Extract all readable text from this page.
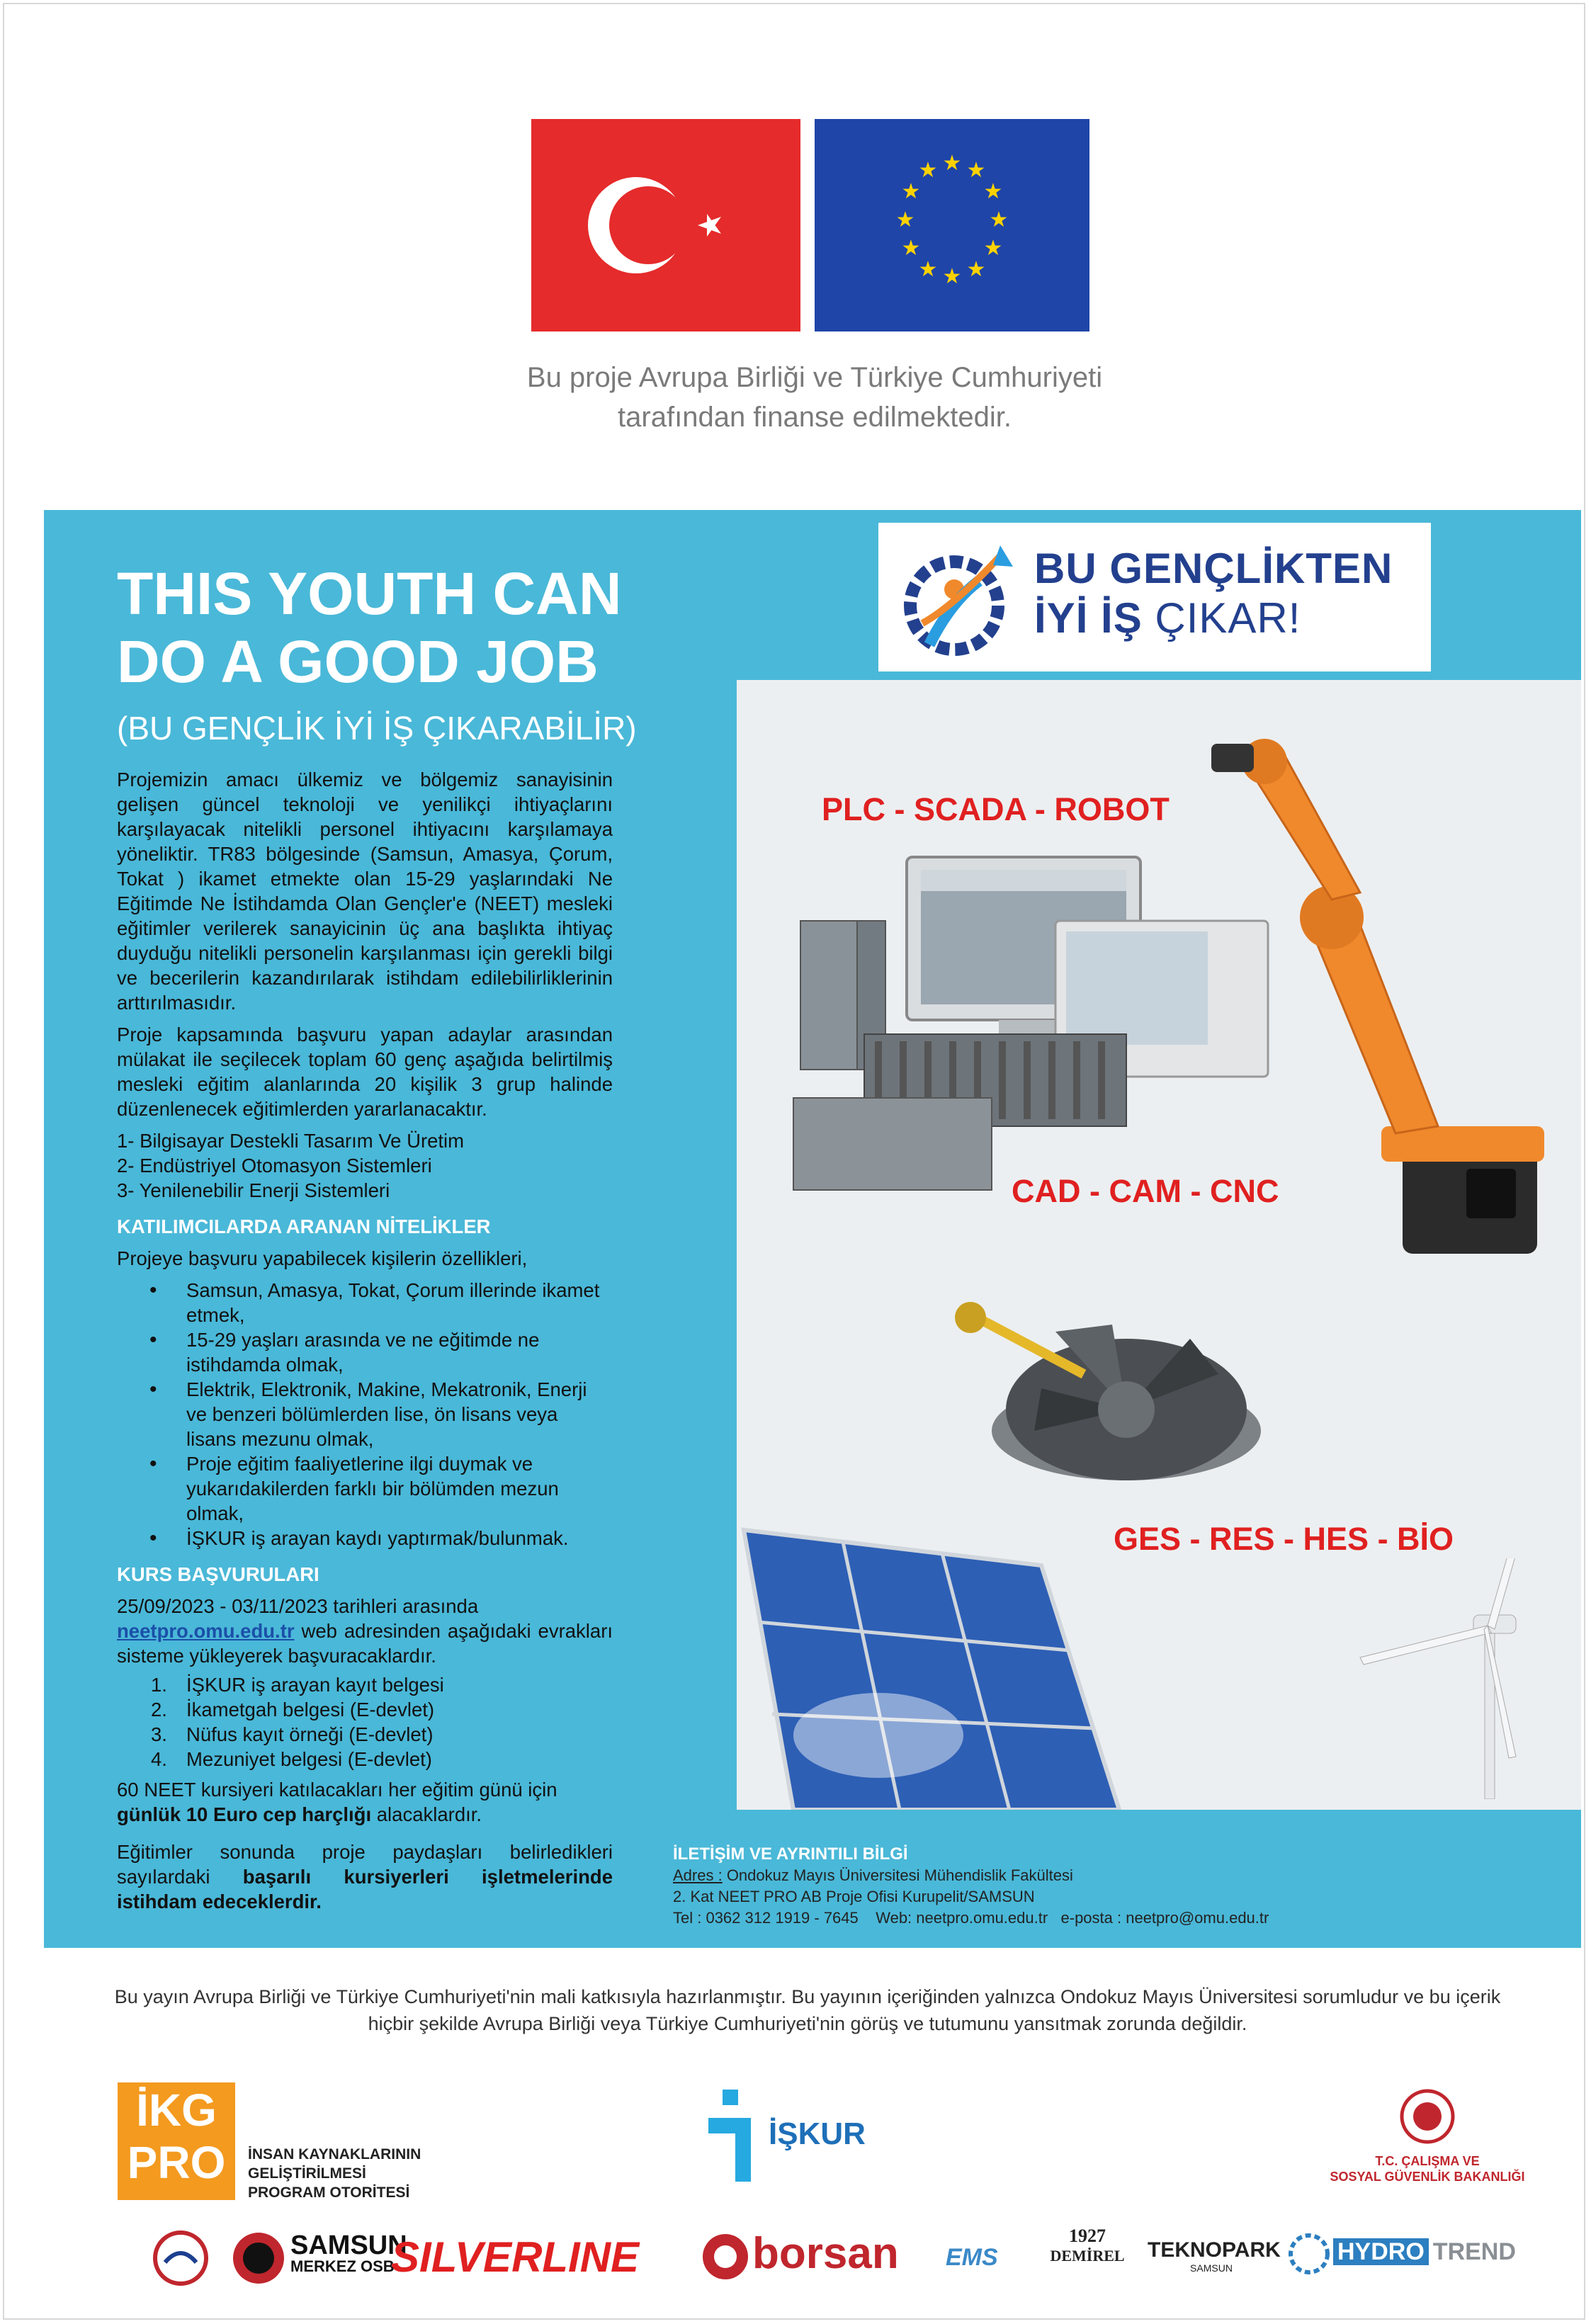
★ ★
★
★
★
★
★
★
★
★
★
★
Bu proje Avrupa Birliği ve Türkiye Cumhuriyeti
tarafından finanse edilmektedir.
THIS YOUTH CAN
DO A GOOD JOB
(BU GENÇLİK İYİ İŞ ÇIKARABİLİR)
BU GENÇLİKTEN
İYİ İŞ ÇIKAR!

Projemizin amacı ülkemiz ve bölgemiz sanayisinin gelişen güncel teknoloji ve yenilikçi ihtiyaçlarını karşılayacak nitelikli personel ihtiyacını karşılamaya yöneliktir. TR83 bölgesinde (Samsun, Amasya, Çorum, Tokat ) ikamet etmekte olan 15-29 yaşlarındaki Ne Eğitimde Ne İstihdamda Olan Gençler'e (NEET) mesleki eğitimler verilerek sanayicinin üç ana başlıkta ihtiyaç duyduğu nitelikli personelin karşılanması için gerekli bilgi ve becerilerin kazandırılarak istihdam edilebilirliklerinin arttırılmasıdır.

Proje kapsamında başvuru yapan adaylar arasından mülakat ile seçilecek toplam 60 genç aşağıda belirtilmiş mesleki eğitim alanlarında 20 kişilik 3 grup halinde düzenlenecek eğitimlerden yararlanacaktır.

1- Bilgisayar Destekli Tasarım Ve Üretim
2- Endüstriyel Otomasyon Sistemleri
3- Yenilenebilir Enerji Sistemleri
KATILIMCILARDA ARANAN NİTELİKLER

Projeye başvuru yapabilecek kişilerin özellikleri,

• Samsun, Amasya, Tokat, Çorum illerinde ikamet etmek,
• 15-29 yaşları arasında ve ne eğitimde ne istihdamda olmak,
• Elektrik, Elektronik, Makine, Mekatronik, Enerji ve benzeri bölümlerden lise, ön lisans veya lisans mezunu olmak,
• Proje eğitim faaliyetlerine ilgi duymak ve yukarıdakilerden farklı bir bölümden mezun olmak,
• İŞKUR iş arayan kaydı yaptırmak/bulunmak.
KURS BAŞVURULARI

25/09/2023 - 03/11/2023 tarihleri arasında

neetpro.omu.edu.tr web adresinden aşağıdaki evrakları sisteme yükleyerek başvuracaklardır.

1. İŞKUR iş arayan kayıt belgesi
2. İkametgah belgesi (E-devlet)
3. Nüfus kayıt örneği (E-devlet)
4. Mezuniyet belgesi (E-devlet)

60 NEET kursiyeri katılacakları her eğitim günü için günlük 10 Euro cep harçlığı alacaklardır.

Eğitimler sonunda proje paydaşları belirledikleri sayılardaki başarılı kursiyerleri işletmelerinde istihdam edeceklerdir.

PLC - SCADA - ROBOT
CAD - CAM - CNC
GES - RES - HES - BİO
İLETİŞİM VE AYRINTILI BİLGİ
Adres : Ondokuz Mayıs Üniversitesi Mühendislik Fakültesi
2. Kat NEET PRO AB Proje Ofisi Kurupelit/SAMSUN
Tel : 0362 312 1919 - 7645    Web: neetpro.omu.edu.tr   e-posta : neetpro@omu.edu.tr
Bu yayın Avrupa Birliği ve Türkiye Cumhuriyeti'nin mali katkısıyla hazırlanmıştır. Bu yayının içeriğinden yalnızca Ondokuz Mayıs Üniversitesi sorumludur ve bu içerik hiçbir şekilde Avrupa Birliği veya Türkiye Cumhuriyeti'nin görüş ve tutumunu yansıtmak zorunda değildir.
İKG
PRO	İNSAN KAYNAKLARININ
GELİŞTİRİLMESİ
PROGRAM OTORİTESİ
İŞKUR
T.C. ÇALIŞMA VE
SOSYAL GÜVENLİK BAKANLIĞI
SAMSUN
MERKEZ OSB
SILVERLINE	borsan EMS
1927
DEMİREL TEKNOPARK
SAMSUN
HYDRO TREND
